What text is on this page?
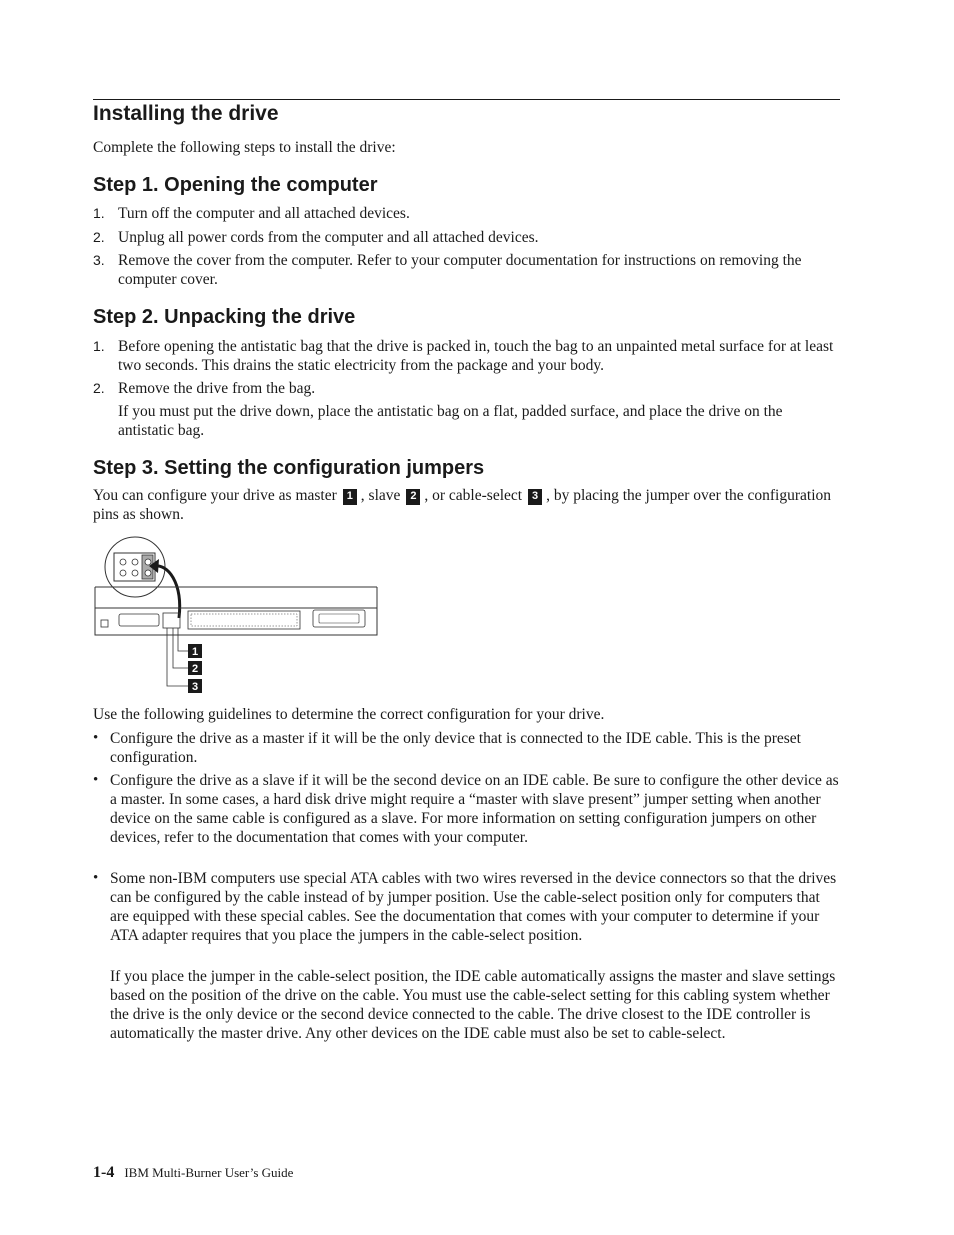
Installing the drive

Complete the following steps to install the drive:

Step 1. Opening the computer
1. Turn off the computer and all attached devices.
2. Unplug all power cords from the computer and all attached devices.
3. Remove the cover from the computer. Refer to your computer documentation for instructions on removing the computer cover.
Step 2. Unpacking the drive
1. Before opening the antistatic bag that the drive is packed in, touch the bag to an unpainted metal surface for at least two seconds. This drains the static electricity from the package and your body.
2. Remove the drive from the bag.

If you must put the drive down, place the antistatic bag on a flat, padded surface, and place the drive on the antistatic bag.

Step 3. Setting the configuration jumpers

You can configure your drive as master 1 , slave 2 , or cable-select 3 , by placing the jumper over the configuration pins as shown.

Use the following guidelines to determine the correct configuration for your drive.

• Configure the drive as a master if it will be the only device that is connected to the IDE cable. This is the preset configuration.
• Configure the drive as a slave if it will be the second device on an IDE cable. Be sure to configure the other device as a master. In some cases, a hard disk drive might require a “master with slave present” jumper setting when another device on the same cable is configured as a slave. For more information on setting configuration jumpers on other devices, refer to the documentation that comes with your computer.
• Some non-IBM computers use special ATA cables with two wires reversed in the device connectors so that the drives can be configured by the cable instead of by jumper position. Use the cable-select position only for computers that are equipped with these special cables. See the documentation that comes with your computer to determine if your ATA adapter requires that you place the jumpers in the cable-select position.

If you place the jumper in the cable-select position, the IDE cable automatically assigns the master and slave settings based on the position of the drive on the cable. You must use the cable-select setting for this cabling system whether the drive is the only device or the second device connected to the cable. The drive closest to the IDE controller is automatically the master drive. Any other devices on the IDE cable must also be set to cable-select.

1
2
3
1-4 IBM Multi-Burner User’s Guide
